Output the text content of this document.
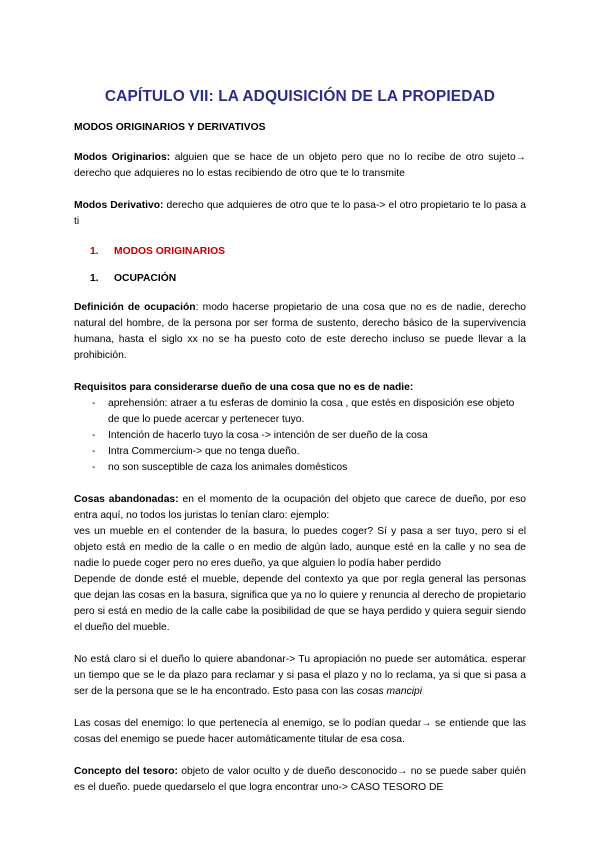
CAPÍTULO VII: LA ADQUISICIÓN DE LA PROPIEDAD
MODOS ORIGINARIOS Y DERIVATIVOS

Modos Originarios: alguien que se hace de un objeto pero que no lo recibe de otro sujeto→ derecho que adquieres no lo estas recibiendo de otro que te lo transmite

Modos Derivativo: derecho que adquieres de otro que te lo pasa-> el otro propietario te lo pasa a ti

1. MODOS ORIGINARIOS
1. OCUPACIÓN

Definición de ocupación: modo hacerse propietario de una cosa que no es de nadie, derecho natural del hombre, de la persona por ser forma de sustento, derecho básico de la supervivencia humana, hasta el siglo xx no se ha puesto coto de este derecho incluso se puede llevar a la prohibición.

Requisitos para considerarse dueño de una cosa que no es de nadie:

- aprehensión: atraer a tu esferas de dominio la cosa , que estés en disposición ese objeto de que lo puede acercar y pertenecer tuyo.
- Intención de hacerlo tuyo la cosa -> intención de ser dueño de la cosa
- Intra Commercium-> que no tenga dueño.
- no son susceptible de caza los animales domésticos

Cosas abandonadas: en el momento de la ocupación del objeto que carece de dueño, por eso entra aquí, no todos los juristas lo tenían claro: ejemplo:

ves un mueble en el contender de la basura, lo puedes coger? Sí y pasa a ser tuyo, pero si el objeto está en medio de la calle o en medio de algún lado, aunque esté en la calle y no sea de nadie lo puede coger pero no eres dueño, ya que alguien lo podía haber perdido

Depende de donde esté el mueble, depende del contexto ya que por regla general las personas que dejan las cosas en la basura, significa que ya no lo quiere y renuncia al derecho de propietario pero si está en medio de la calle cabe la posibilidad de que se haya perdido y quiera seguir siendo el dueño del mueble.

No está claro si el dueño lo quiere abandonar-> Tu apropiación no puede ser automática. esperar un tiempo que se le da plazo para reclamar y si pasa el plazo y no lo reclama, ya si que si pasa a ser de la persona que se le ha encontrado. Esto pasa con las cosas mancipi

Las cosas del enemigo: lo que pertenecía al enemigo, se lo podían quedar→ se entiende que las cosas del enemigo se puede hacer automáticamente titular de esa cosa.

Concepto del tesoro: objeto de valor oculto y de dueño desconocido→ no se puede saber quién es el dueño. puede quedarselo el que logra encontrar uno-> CASO TESORO DE
